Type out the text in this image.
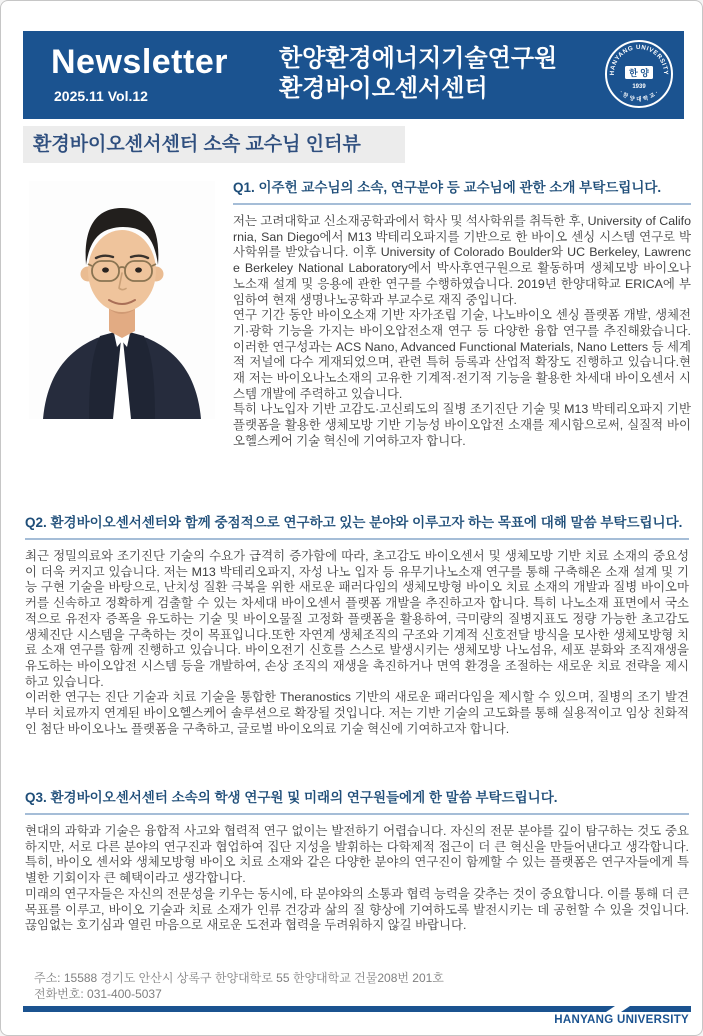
Newsletter
2025.11 Vol.12
한양환경에너지기술연구원
환경바이오센서센터
HANYANG UNIVERSITY
한 양
1939
· 한 양 대 학 교 ·
환경바이오센서센터 소속 교수님 인터뷰
Q1. 이주헌 교수님의 소속, 연구분야 등 교수님에 관한 소개 부탁드립니다.

저는 고려대학교 신소재공학과에서 학사 및 석사학위를 취득한 후, University of California, San Diego에서 M13 박테리오파지를 기반으로 한 바이오 센싱 시스템 연구로 박사학위를 받았습니다. 이후 University of Colorado Boulder와 UC Berkeley, Lawrence Berkeley National Laboratory에서 박사후연구원으로 활동하며 생체모방 바이오나노소재 설계 및 응용에 관한 연구를 수행하였습니다. 2019년 한양대학교 ERICA에 부임하여 현재 생명나노공학과 부교수로 재직 중입니다.

연구 기간 동안 바이오소재 기반 자가조립 기술, 나노바이오 센싱 플랫폼 개발, 생체전기·광학 기능을 가지는 바이오압전소재 연구 등 다양한 융합 연구를 추진해왔습니다. 이러한 연구성과는 ACS Nano, Advanced Functional Materials, Nano Letters 등 세계적 저널에 다수 게재되었으며, 관련 특허 등록과 산업적 확장도 진행하고 있습니다.현재 저는 바이오나노소재의 고유한 기계적·전기적 기능을 활용한 차세대 바이오센서 시스템 개발에 주력하고 있습니다.

특히 나노입자 기반 고감도·고신뢰도의 질병 조기진단 기술 및 M13 박테리오파지 기반 플랫폼을 활용한 생체모방 기반 기능성 바이오압전 소재를 제시함으로써, 실질적 바이오헬스케어 기술 혁신에 기여하고자 합니다.

Q2. 환경바이오센서센터와 함께 중점적으로 연구하고 있는 분야와 이루고자 하는 목표에 대해 말씀 부탁드립니다.

최근 정밀의료와 조기진단 기술의 수요가 급격히 증가함에 따라, 초고감도 바이오센서 및 생체모방 기반 치료 소재의 중요성이 더욱 커지고 있습니다. 저는 M13 박테리오파지, 자성 나노 입자 등 유무기나노소재 연구를 통해 구축해온 소재 설계 및 기능 구현 기술을 바탕으로, 난치성 질환 극복을 위한 새로운 패러다임의 생체모방형 바이오 치료 소재의 개발과 질병 바이오마커를 신속하고 정확하게 검출할 수 있는 차세대 바이오센서 플랫폼 개발을 추진하고자 합니다. 특히 나노소재 표면에서 국소적으로 유전자 증폭을 유도하는 기술 및 바이오물질 고정화 플랫폼을 활용하여, 극미량의 질병지표도 정량 가능한 초고감도 생체진단 시스템을 구축하는 것이 목표입니다.또한 자연계 생체조직의 구조와 기계적 신호전달 방식을 모사한 생체모방형 치료 소재 연구를 함께 진행하고 있습니다. 바이오전기 신호를 스스로 발생시키는 생체모방 나노섬유, 세포 분화와 조직재생을 유도하는 바이오압전 시스템 등을 개발하여, 손상 조직의 재생을 촉진하거나 면역 환경을 조절하는 새로운 치료 전략을 제시하고 있습니다.

이러한 연구는 진단 기술과 치료 기술을 통합한 Theranostics 기반의 새로운 패러다임을 제시할 수 있으며, 질병의 조기 발견부터 치료까지 연계된 바이오헬스케어 솔루션으로 확장될 것입니다. 저는 기반 기술의 고도화를 통해 실용적이고 임상 친화적인 첨단 바이오나노 플랫폼을 구축하고, 글로벌 바이오의료 기술 혁신에 기여하고자 합니다.

Q3. 환경바이오센서센터 소속의 학생 연구원 및 미래의 연구원들에게 한 말씀 부탁드립니다.

현대의 과학과 기술은 융합적 사고와 협력적 연구 없이는 발전하기 어렵습니다. 자신의 전문 분야를 깊이 탐구하는 것도 중요하지만, 서로 다른 분야의 연구진과 협업하여 집단 지성을 발휘하는 다학제적 접근이 더 큰 혁신을 만들어낸다고 생각합니다. 특히, 바이오 센서와 생체모방형 바이오 치료 소재와 같은 다양한 분야의 연구진이 함께할 수 있는 플랫폼은 연구자들에게 특별한 기회이자 큰 혜택이라고 생각합니다.

미래의 연구자들은 자신의 전문성을 키우는 동시에, 타 분야와의 소통과 협력 능력을 갖추는 것이 중요합니다. 이를 통해 더 큰 목표를 이루고, 바이오 기술과 치료 소재가 인류 건강과 삶의 질 향상에 기여하도록 발전시키는 데 공헌할 수 있을 것입니다. 끊임없는 호기심과 열린 마음으로 새로운 도전과 협력을 두려워하지 않길 바랍니다.

주소: 15588 경기도 안산시 상록구 한양대학로 55 한양대학교 건물208번 201호
전화번호: 031-400-5037
HANYANG UNIVERSITY
